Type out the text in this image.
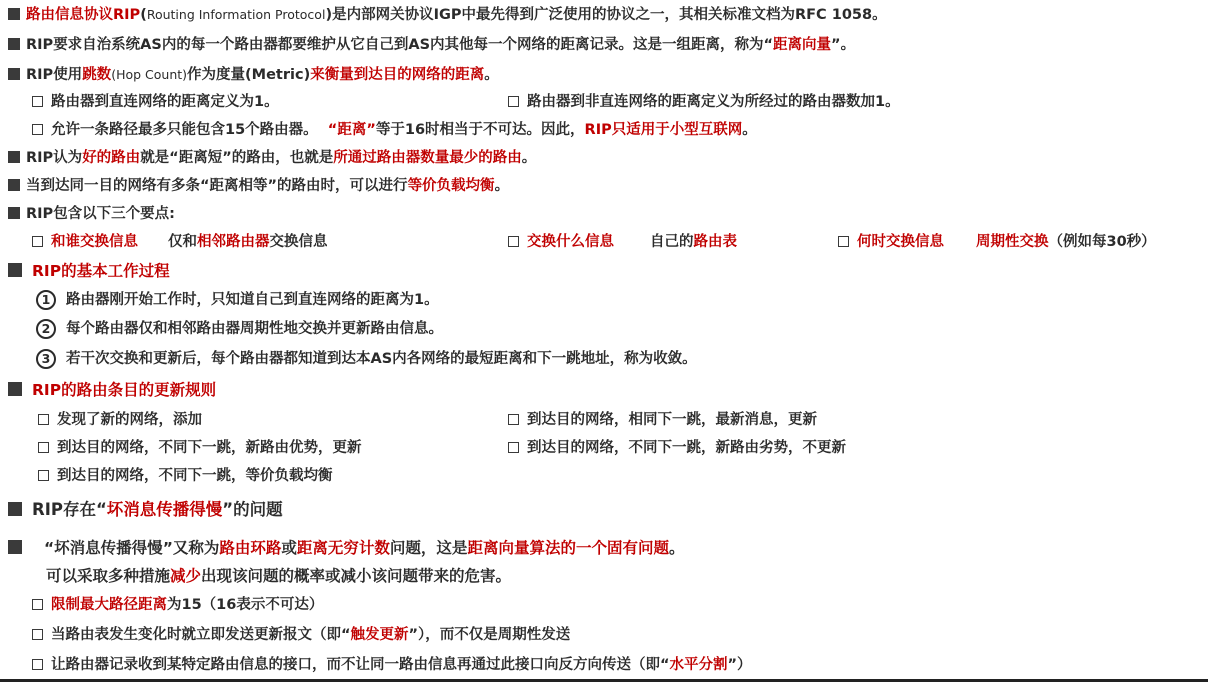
路由信息协议RIP(Routing Information Protocol)是内部网关协议IGP中最先得到广泛使用的协议之一，其相关标准文档为RFC 1058。
RIP要求自治系统AS内的每一个路由器都要维护从它自己到AS内其他每一个网络的距离记录。这是一组距离，称为“距离向量”。
RIP使用跳数(Hop Count)作为度量(Metric)来衡量到达目的网络的距离。
路由器到直连网络的距离定义为1。	路由器到非直连网络的距离定义为所经过的路由器数加1。
允许一条路径最多只能包含15个路由器。 “距离”等于16时相当于不可达。因此，RIP只适用于小型互联网。
RIP认为好的路由就是“距离短”的路由，也就是所通过路由器数量最少的路由。
当到达同一目的网络有多条“距离相等”的路由时，可以进行等价负载均衡。
RIP包含以下三个要点:
和谁交换信息 仅和相邻路由器交换信息	交换什么信息 自己的路由表	何时交换信息 周期性交换（例如每30秒）
RIP的基本工作过程
1 路由器刚开始工作时，只知道自己到直连网络的距离为1。
2 每个路由器仅和相邻路由器周期性地交换并更新路由信息。
3 若干次交换和更新后，每个路由器都知道到达本AS内各网络的最短距离和下一跳地址，称为收敛。
RIP的路由条目的更新规则
发现了新的网络，添加	到达目的网络，相同下一跳，最新消息，更新
到达目的网络，不同下一跳，新路由优势，更新	到达目的网络，不同下一跳，新路由劣势，不更新
到达目的网络，不同下一跳，等价负载均衡
RIP存在“坏消息传播得慢”的问题
“坏消息传播得慢”又称为路由环路或距离无穷计数问题，这是距离向量算法的一个固有问题。
可以采取多种措施减少出现该问题的概率或减小该问题带来的危害。
限制最大路径距离为15（16表示不可达）
当路由表发生变化时就立即发送更新报文（即“触发更新”），而不仅是周期性发送
让路由器记录收到某特定路由信息的接口，而不让同一路由信息再通过此接口向反方向传送（即“水平分割”）
